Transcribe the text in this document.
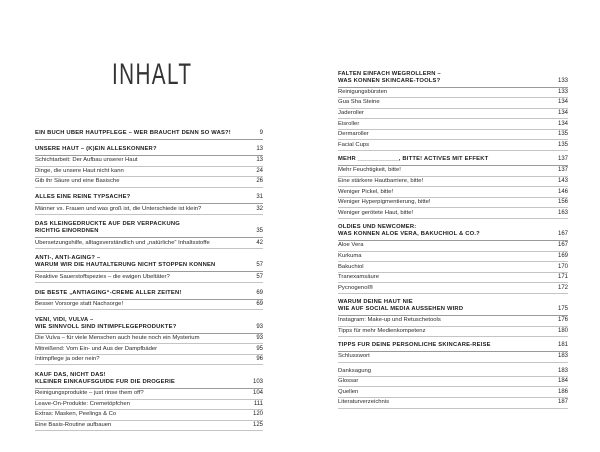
INHALT
EIN BUCH ÜBER HAUTPFLEGE – WER BRAUCHT DENN SO WAS?!	9
UNSERE HAUT – (K)EIN ALLESKÖNNER?	13
Schichtarbeit: Der Aufbau unserer Haut	13
Dinge, die unsere Haut nicht kann	24
Gib ihr Säure und eine Basische	26
ALLES EINE REINE TYPSACHE?	31
Männer vs. Frauen und was groß ist, die Unterschiede ist klein?	32
DAS KLEINGEDRUCKTE AUF DER VERPACKUNG
RICHTIG EINORDNEN	35
Übersetzungshilfe, alltagsverständlich und „natürliche“ Inhaltsstoffe	42
ANTI-, ANTI-AGING? –
WARUM WIR DIE HAUTALTERUNG NICHT STOPPEN KÖNNEN	57
Reaktive Sauerstoffspezies – die ewigen Übeltäter?	57
DIE BESTE „ANTIAGING“-CREME ALLER ZEITEN!	69
Besser Vorsorge statt Nachsorge!	69
VENI, VIDI, VULVA –
WIE SINNVOLL SIND INTIMPFLEGEPRODUKTE?	93
Die Vulva – für viele Menschen auch heute noch ein Mysterium	93
Mitreißend: Vom Ein- und Aus der Dampfbäder	95
Intimpflege ja oder nein?	96
KAUF DAS, NICHT DAS!
KLEINER EINKAUFSGUIDE FÜR DIE DROGERIE	103
Reinigungsprodukte – just rinse them off?	104
Leave-On-Produkte: Cremetöpfchen	111
Extras: Masken, Peelings & Co	120
Eine Basis-Routine aufbauen	125
FALTEN EINFACH WEGROLLERN –
WAS KÖNNEN SKINCARE-TOOLS?	133
Reinigungsbürsten	133
Gua Sha Steine	134
Jaderoller	134
Eisroller	134
Dermaroller	135
Facial Cups	135
MEHR ____________, BITTE! ACTIVES MIT EFFEKT	137
Mehr Feuchtigkeit, bitte!	137
Eine stärkere Hautbarriere, bitte!	143
Weniger Pickel, bitte!	146
Weniger Hyperpigmentierung, bitte!	156
Weniger gerötete Haut, bitte!	163
OLDIES UND NEWCOMER:
WAS KÖNNEN ALOE VERA, BAKUCHIOL & CO.?	167
Aloe Vera	167
Kurkuma	169
Bakuchiol	170
Tranexamsäure	171
Pycnogenol®	172
WARUM DEINE HAUT NIE
WIE AUF SOCIAL MEDIA AUSSEHEN WIRD	175
Instagram: Make-up und Retuschetools	176
Tipps für mehr Medienkompetenz	180
TIPPS FÜR DEINE PERSÖNLICHE SKINCARE-REISE	181
Schlusswort	183
Danksagung	183
Glossar	184
Quellen	186
Literaturverzeichnis	187
